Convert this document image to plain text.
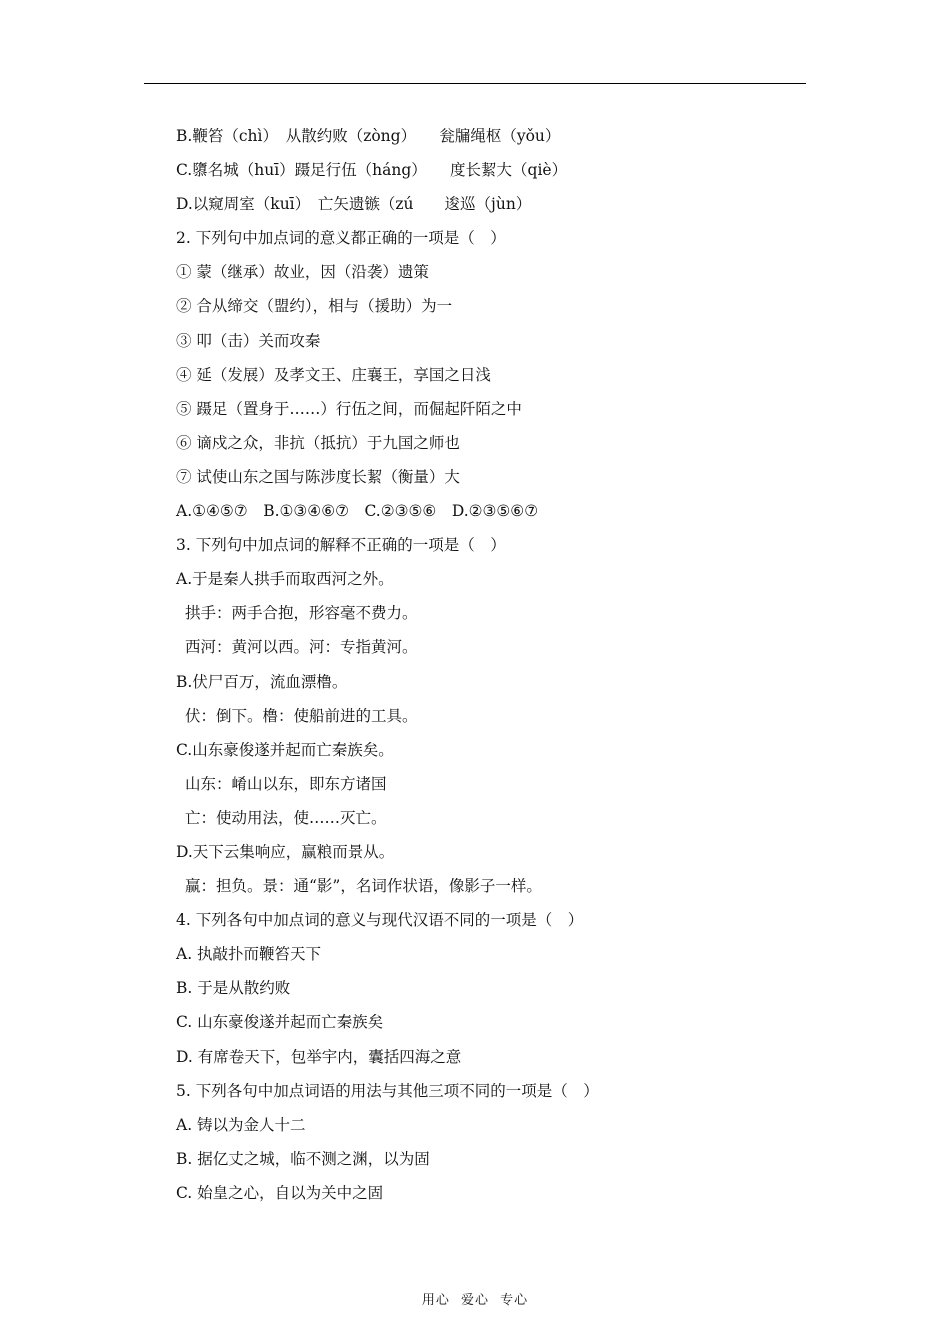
B.鞭笞（chì）　从散约败（zòng）　　瓮牖绳枢（yǒu）
C.隳名城（huī）蹑足行伍（háng）　　度长絜大（qiè）
D.以窥周室（kuī）　亡矢遗镞（zú　　逡巡（jùn）
2. 下列句中加点词的意义都正确的一项是（　）
① 蒙（继承）故业，因（沿袭）遗策
② 合从缔交（盟约），相与（援助）为一
③ 叩（击）关而攻秦
④ 延（发展）及孝文王、庄襄王，享国之日浅
⑤ 蹑足（置身于……）行伍之间，而倔起阡陌之中
⑥ 谪戍之众，非抗（抵抗）于九国之师也
⑦ 试使山东之国与陈涉度长絜（衡量）大
A.①④⑤⑦　B.①③④⑥⑦　C.②③⑤⑥　D.②③⑤⑥⑦
3. 下列句中加点词的解释不正确的一项是（　）
A.于是秦人拱手而取西河之外。
拱手：两手合抱，形容毫不费力。
西河：黄河以西。河：专指黄河。
B.伏尸百万，流血漂橹。
伏：倒下。橹：使船前进的工具。
C.山东豪俊遂并起而亡秦族矣。
山东：崤山以东，即东方诸国
亡：使动用法，使……灭亡。
D.天下云集响应，赢粮而景从。
赢：担负。景：通“影”，名词作状语，像影子一样。
4. 下列各句中加点词的意义与现代汉语不同的一项是（　）
A. 执敲扑而鞭笞天下
B. 于是从散约败
C. 山东豪俊遂并起而亡秦族矣
D. 有席卷天下，包举宇内，囊括四海之意
5. 下列各句中加点词语的用法与其他三项不同的一项是（　）
A. 铸以为金人十二
B. 据亿丈之城，临不测之渊，以为固
C. 始皇之心，自以为关中之固
用心 爱心 专心
